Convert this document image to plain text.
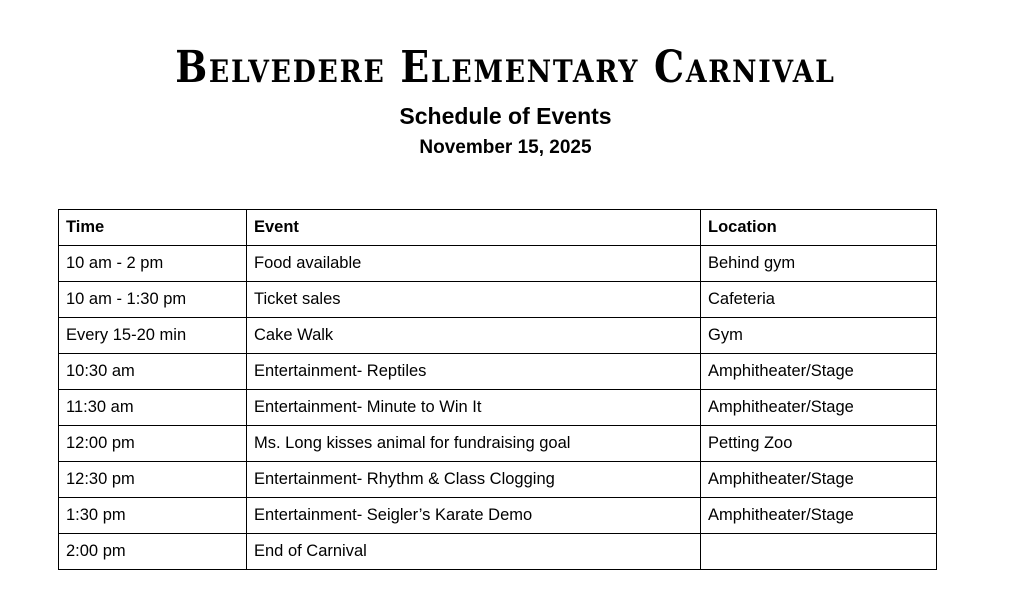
Belvedere Elementary Carnival
Schedule of Events
November 15, 2025
Time	Event	Location
10 am - 2 pm	Food available	Behind gym
10 am - 1:30 pm	Ticket sales	Cafeteria
Every 15-20 min	Cake Walk	Gym
10:30 am	Entertainment- Reptiles	Amphitheater/Stage
11:30 am	Entertainment- Minute to Win It	Amphitheater/Stage
12:00 pm	Ms. Long kisses animal for fundraising goal	Petting Zoo
12:30 pm	Entertainment- Rhythm & Class Clogging	Amphitheater/Stage
1:30 pm	Entertainment- Seigler’s Karate Demo	Amphitheater/Stage
2:00 pm	End of Carnival	
